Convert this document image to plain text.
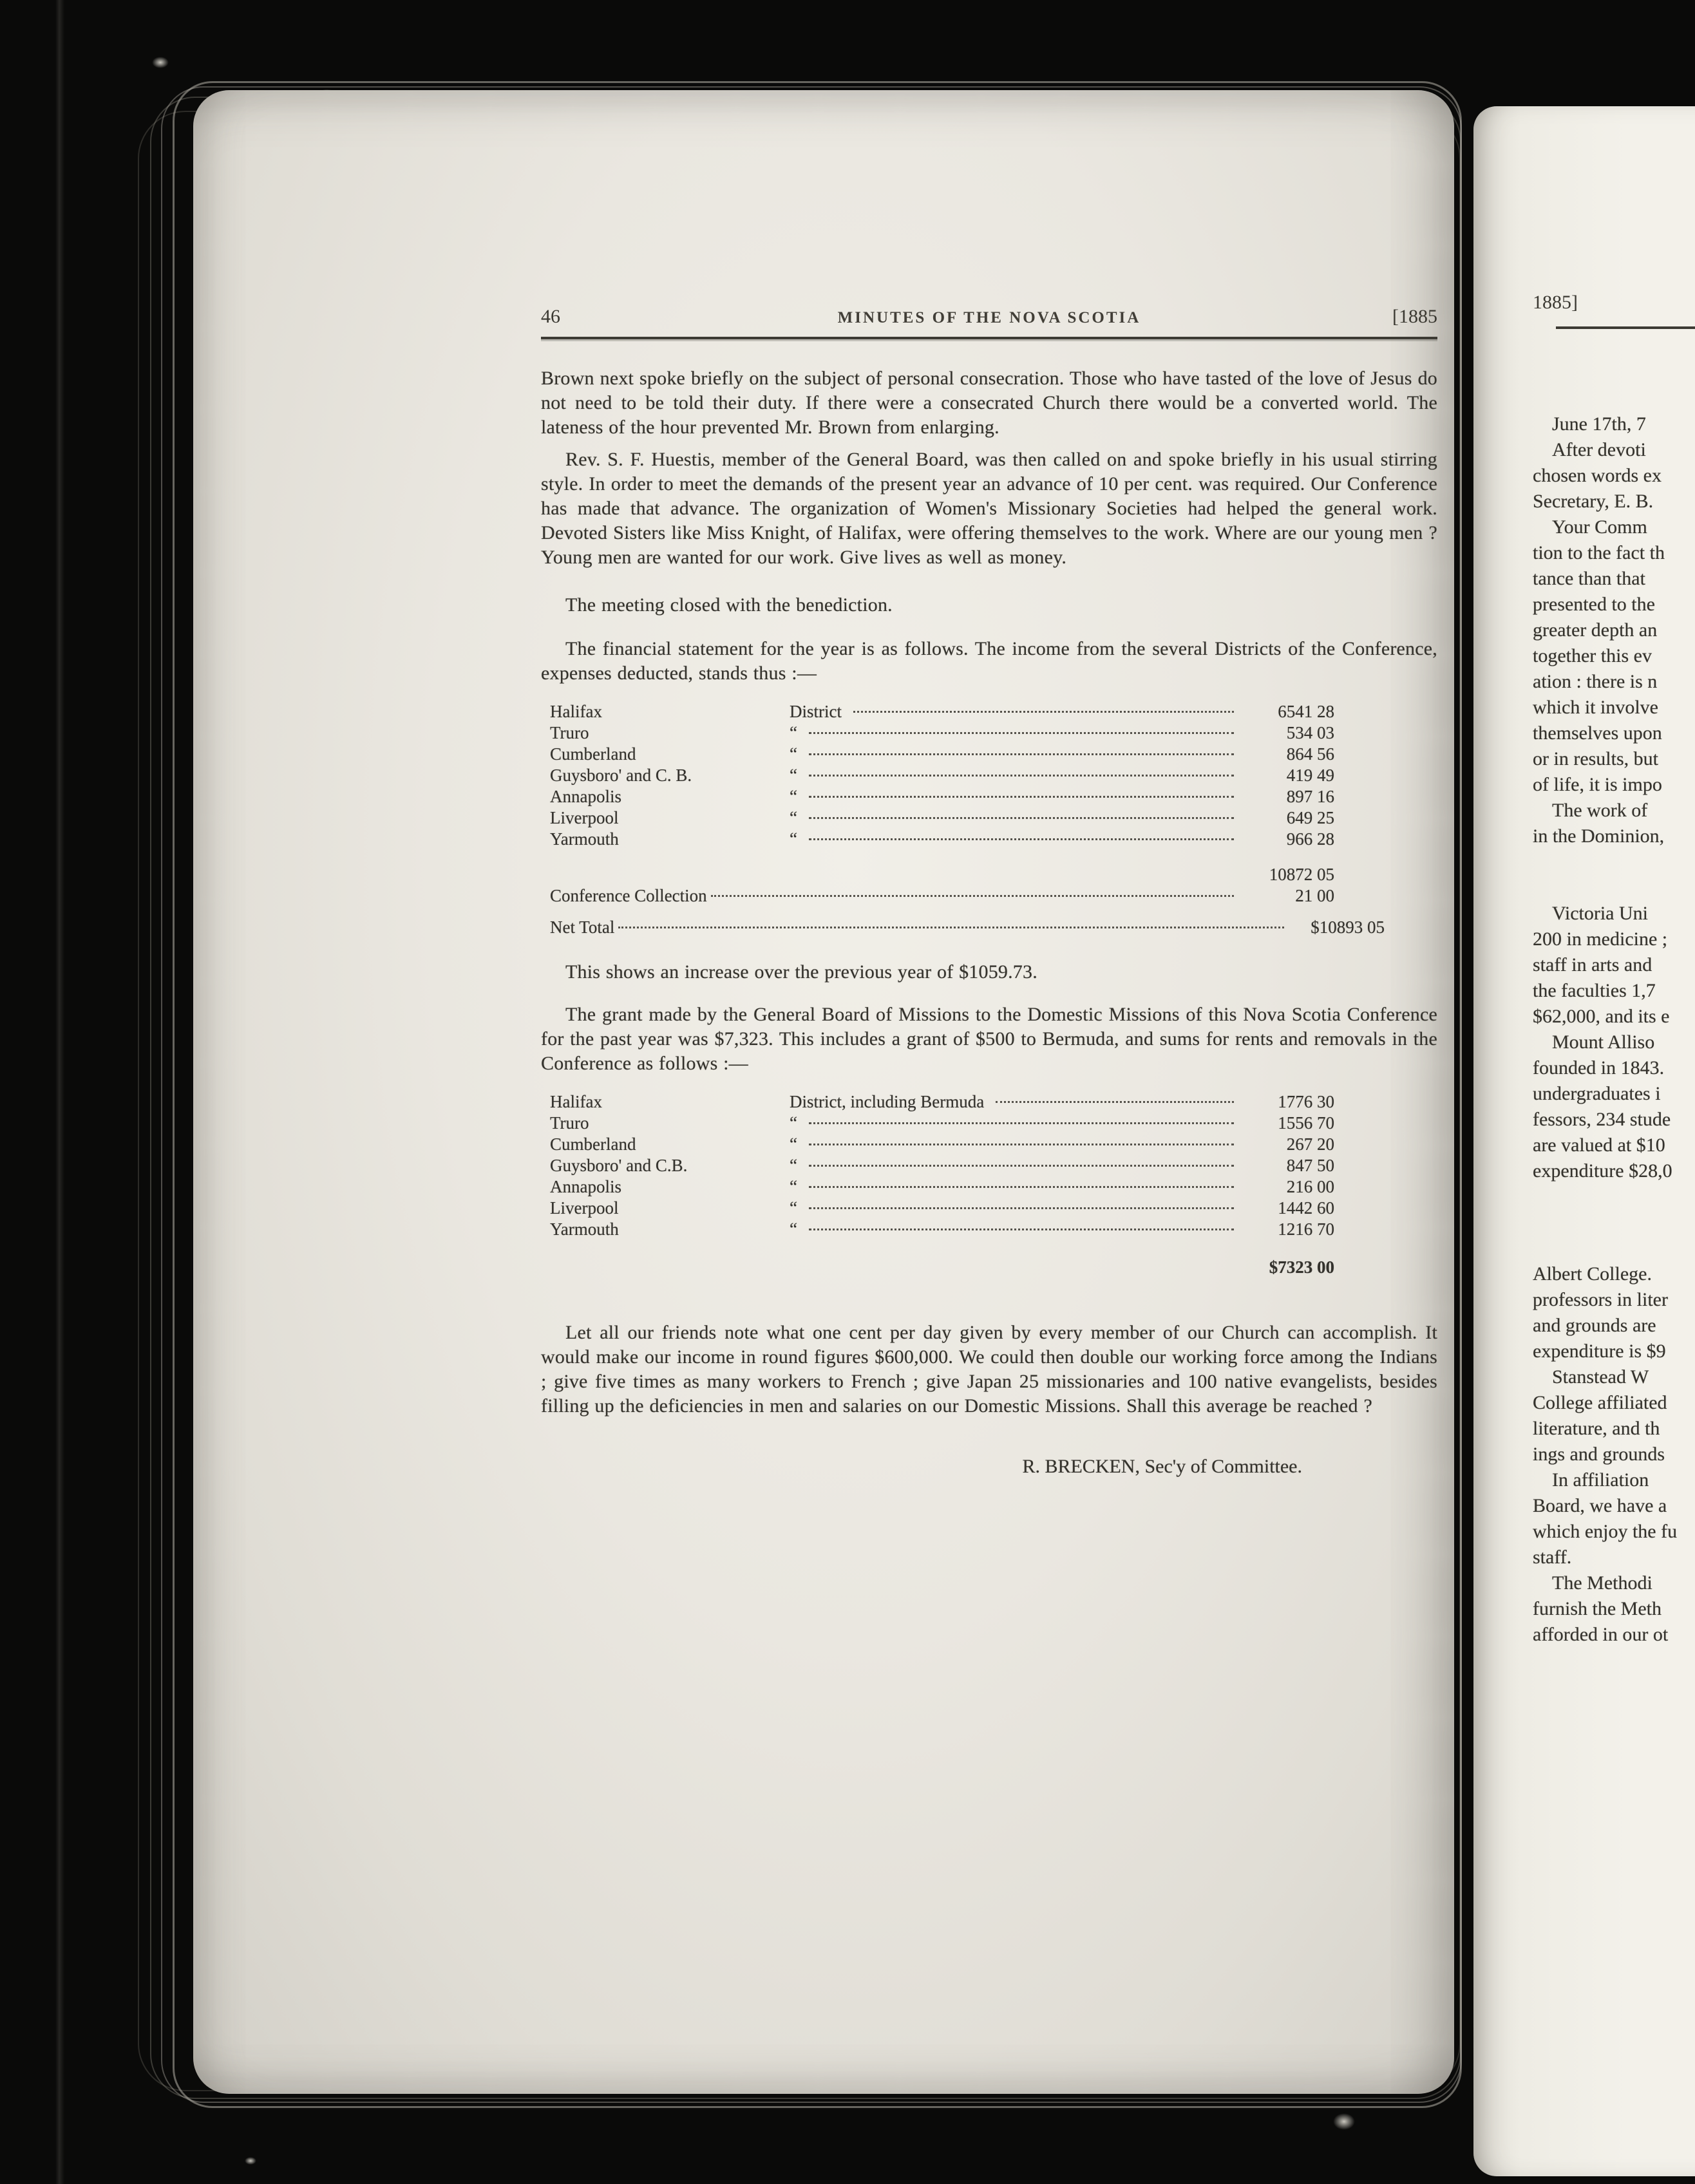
46	MINUTES OF THE NOVA SCOTIA	[1885

Brown next spoke briefly on the subject of personal consecration. Those who have tasted of the love of Jesus do not need to be told their duty. If there were a consecrated Church there would be a converted world. The lateness of the hour prevented Mr. Brown from enlarging.

Rev. S. F. Huestis, member of the General Board, was then called on and spoke briefly in his usual stirring style. In order to meet the demands of the present year an advance of 10 per cent. was required. Our Conference has made that advance. The organization of Women's Missionary Societies had helped the general work. Devoted Sisters like Miss Knight, of Halifax, were offering themselves to the work. Where are our young men ? Young men are wanted for our work. Give lives as well as money.

The meeting closed with the benediction.

The financial statement for the year is as follows. The income from the several Districts of the Conference, expenses deducted, stands thus :—

Halifax	District	6541 28
Truro	“	534 03
Cumberland	“	864 56
Guysboro' and C. B.	“	419 49
Annapolis	“	897 16
Liverpool	“	649 25
Yarmouth	“	966 28
10872 05
Conference Collection	21 00
Net Total	$10893 05

This shows an increase over the previous year of $1059.73.

The grant made by the General Board of Missions to the Domestic Missions of this Nova Scotia Conference for the past year was $7,323. This includes a grant of $500 to Bermuda, and sums for rents and removals in the Conference as follows :—

Halifax	District, including Bermuda	1776 30
Truro	“	1556 70
Cumberland	“	267 20
Guysboro' and C.B.	“	847 50
Annapolis	“	216 00
Liverpool	“	1442 60
Yarmouth	“	1216 70
$7323 00

Let all our friends note what one cent per day given by every member of our Church can accomplish. It would make our income in round figures $600,000. We could then double our working force among the Indians ; give five times as many workers to French ; give Japan 25 missionaries and 100 native evangelists, besides filling up the deficiencies in men and salaries on our Domestic Missions. Shall this average be reached ?

R. BRECKEN, Sec'y of Committee.
1885]
 June 17th, 7
 After devoti
chosen words ex
Secretary, E. B.
 Your Comm
tion to the fact th
tance than that
presented to the
greater depth an
together this ev
ation : there is n
which it involve
themselves upon
or in results, but
of life, it is impo
 The work of
in the Dominion,
 Victoria Uni
200 in medicine ;
staff in arts and
the faculties 1,7
$62,000, and its e
 Mount Alliso
founded in 1843.
undergraduates i
fessors, 234 stude
are valued at $10
expenditure $28,0
Albert College.
professors in liter
and grounds are
expenditure is $9
 Stanstead W
College affiliated
literature, and th
ings and grounds
 In affiliation
Board, we have a
which enjoy the fu
staff.
 The Methodi
furnish the Meth
afforded in our ot
